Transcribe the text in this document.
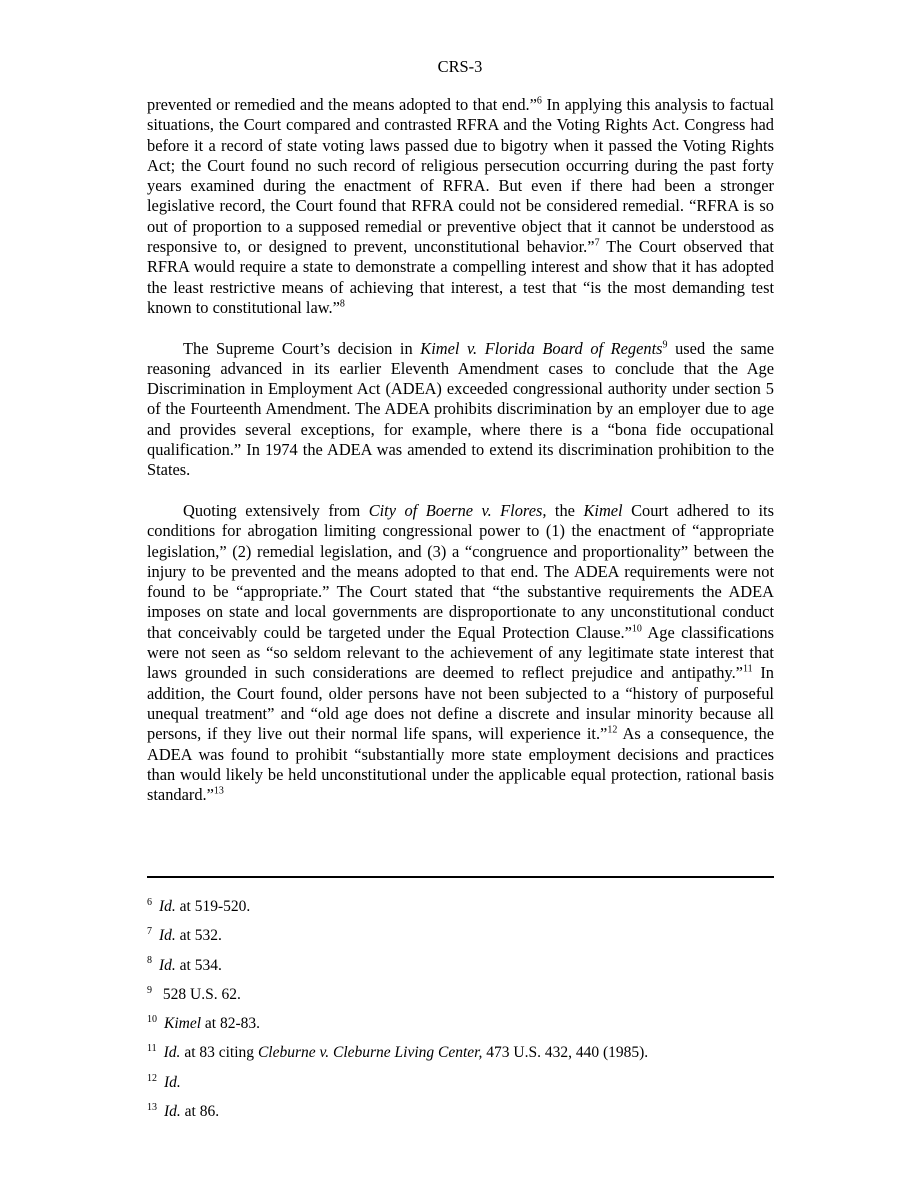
CRS-3

prevented or remedied and the means adopted to that end.”$^6$ In applying this analysis to factual situations, the Court compared and contrasted RFRA and the Voting Rights Act. Congress had before it a record of state voting laws passed due to bigotry when it passed the Voting Rights Act; the Court found no such record of religious persecution occurring during the past forty years examined during the enactment of RFRA. But even if there had been a stronger legislative record, the Court found that RFRA could not be considered remedial. “RFRA is so out of proportion to a supposed remedial or preventive object that it cannot be understood as responsive to, or designed to prevent, unconstitutional behavior.”$^7$ The Court observed that RFRA would require a state to demonstrate a compelling interest and show that it has adopted the least restrictive means of achieving that interest, a test that “is the most demanding test known to constitutional law.”$^8$

The Supreme Court’s decision in Kimel v. Florida Board of Regents$^9$ used the same reasoning advanced in its earlier Eleventh Amendment cases to conclude that the Age Discrimination in Employment Act (ADEA) exceeded congressional authority under section 5 of the Fourteenth Amendment. The ADEA prohibits discrimination by an employer due to age and provides several exceptions, for example, where there is a “bona fide occupational qualification.” In 1974 the ADEA was amended to extend its discrimination prohibition to the States.

Quoting extensively from City of Boerne v. Flores, the Kimel Court adhered to its conditions for abrogation limiting congressional power to (1) the enactment of “appropriate legislation,” (2) remedial legislation, and (3) a “congruence and proportionality” between the injury to be prevented and the means adopted to that end. The ADEA requirements were not found to be “appropriate.” The Court stated that “the substantive requirements the ADEA imposes on state and local governments are disproportionate to any unconstitutional conduct that conceivably could be targeted under the Equal Protection Clause.”$^{10}$ Age classifications were not seen as “so seldom relevant to the achievement of any legitimate state interest that laws grounded in such considerations are deemed to reflect prejudice and antipathy.”$^{11}$ In addition, the Court found, older persons have not been subjected to a “history of purposeful unequal treatment” and “old age does not define a discrete and insular minority because all persons, if they live out their normal life spans, will experience it.”$^{12}$ As a consequence, the ADEA was found to prohibit “substantially more state employment decisions and practices than would likely be held unconstitutional under the applicable equal protection, rational basis standard.”$^{13}$

$^6$ Id. at 519-520.
$^7$ Id. at 532.
$^8$ Id. at 534.
$^9$ 528 U.S. 62.
$^{10}$ Kimel at 82-83.
$^{11}$ Id. at 83 citing Cleburne v. Cleburne Living Center, 473 U.S. 432, 440 (1985).
$^{12}$ Id.
$^{13}$ Id. at 86.
